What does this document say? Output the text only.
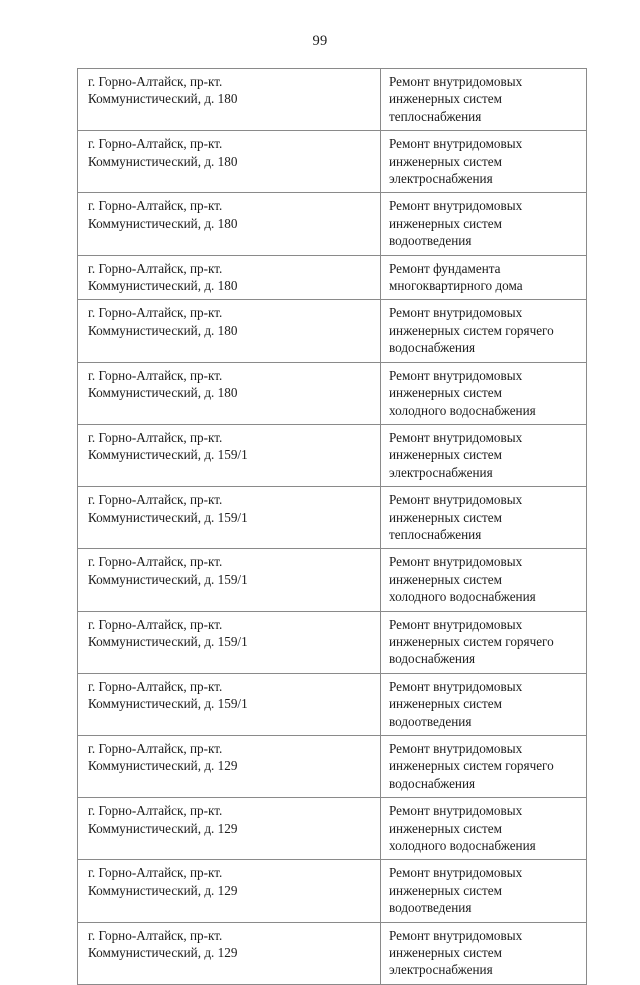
99
г. Горно-Алтайск, пр-кт.
Коммунистический, д. 180	Ремонт внутридомовых
инженерных систем
теплоснабжения

г. Горно-Алтайск, пр-кт.
Коммунистический, д. 180	Ремонт внутридомовых
инженерных систем
электроснабжения

г. Горно-Алтайск, пр-кт.
Коммунистический, д. 180	Ремонт внутридомовых
инженерных систем
водоотведения

г. Горно-Алтайск, пр-кт.
Коммунистический, д. 180	Ремонт фундамента
многоквартирного дома

г. Горно-Алтайск, пр-кт.
Коммунистический, д. 180	Ремонт внутридомовых
инженерных систем горячего
водоснабжения

г. Горно-Алтайск, пр-кт.
Коммунистический, д. 180	Ремонт внутридомовых
инженерных систем
холодного водоснабжения

г. Горно-Алтайск, пр-кт.
Коммунистический, д. 159/1	Ремонт внутридомовых
инженерных систем
электроснабжения

г. Горно-Алтайск, пр-кт.
Коммунистический, д. 159/1	Ремонт внутридомовых
инженерных систем
теплоснабжения

г. Горно-Алтайск, пр-кт.
Коммунистический, д. 159/1	Ремонт внутридомовых
инженерных систем
холодного водоснабжения

г. Горно-Алтайск, пр-кт.
Коммунистический, д. 159/1	Ремонт внутридомовых
инженерных систем горячего
водоснабжения

г. Горно-Алтайск, пр-кт.
Коммунистический, д. 159/1	Ремонт внутридомовых
инженерных систем
водоотведения

г. Горно-Алтайск, пр-кт.
Коммунистический, д. 129	Ремонт внутридомовых
инженерных систем горячего
водоснабжения

г. Горно-Алтайск, пр-кт.
Коммунистический, д. 129	Ремонт внутридомовых
инженерных систем
холодного водоснабжения

г. Горно-Алтайск, пр-кт.
Коммунистический, д. 129	Ремонт внутридомовых
инженерных систем
водоотведения

г. Горно-Алтайск, пр-кт.
Коммунистический, д. 129	Ремонт внутридомовых
инженерных систем
электроснабжения
